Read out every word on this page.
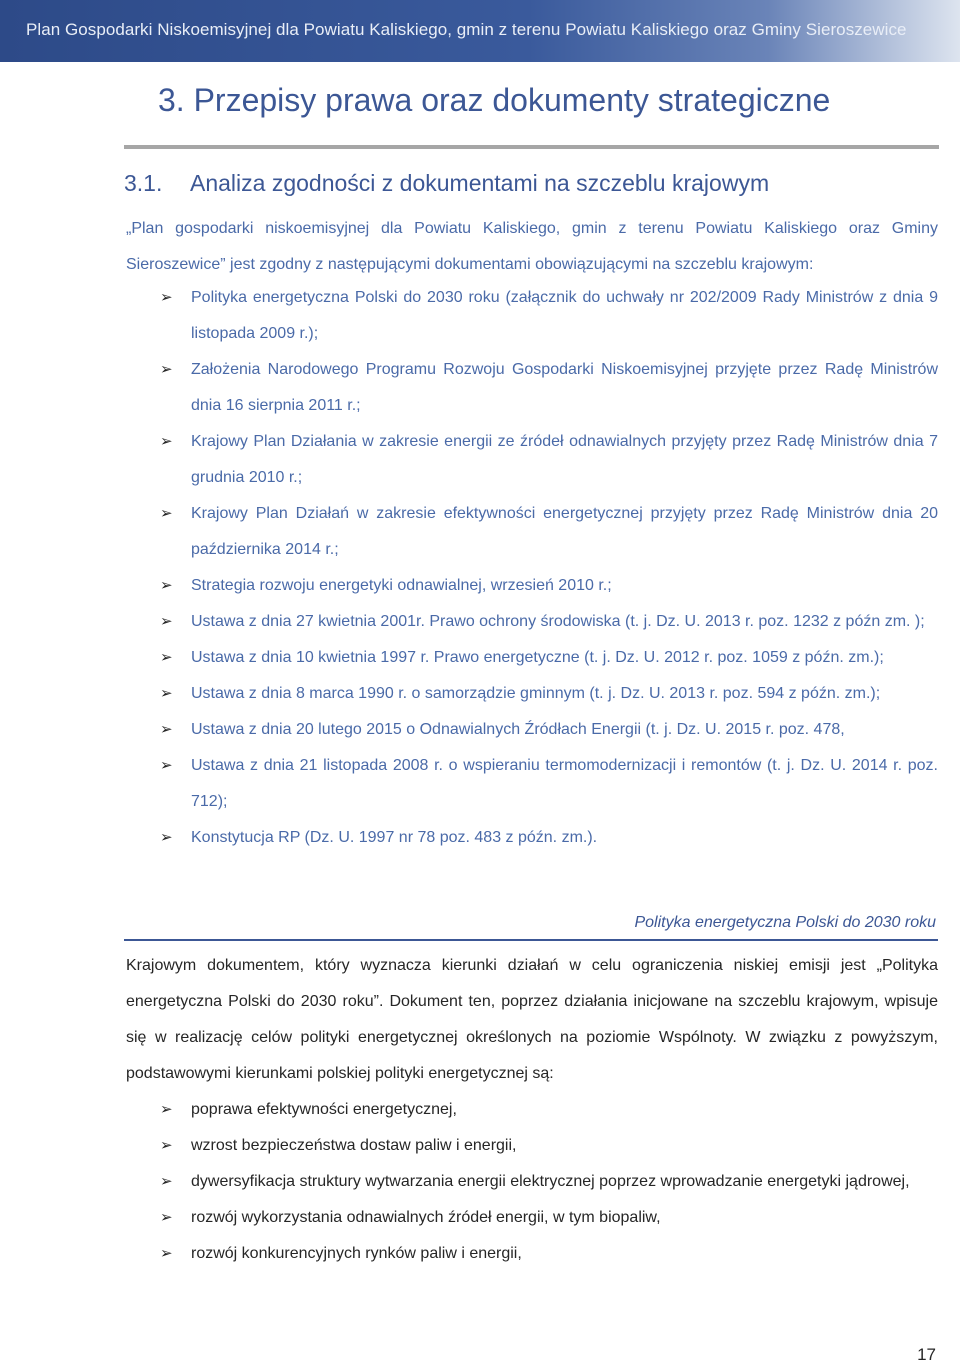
Plan Gospodarki Niskoemisyjnej dla Powiatu Kaliskiego, gmin z terenu Powiatu Kaliskiego oraz Gminy Sieroszewice
3. Przepisy prawa oraz dokumenty strategiczne
3.1. Analiza zgodności z dokumentami na szczeblu krajowym

„Plan gospodarki niskoemisyjnej dla Powiatu Kaliskiego, gmin z terenu Powiatu Kaliskiego oraz Gminy Sieroszewice” jest zgodny z następującymi dokumentami obowiązującymi na szczeblu krajowym:

➢ Polityka energetyczna Polski do 2030 roku (załącznik do uchwały nr 202/2009 Rady Ministrów z dnia 9 listopada 2009 r.);
➢ Założenia Narodowego Programu Rozwoju Gospodarki Niskoemisyjnej przyjęte przez Radę Ministrów dnia 16 sierpnia 2011 r.;
➢ Krajowy Plan Działania w zakresie energii ze źródeł odnawialnych przyjęty przez Radę Ministrów dnia 7 grudnia 2010 r.;
➢ Krajowy Plan Działań w zakresie efektywności energetycznej przyjęty przez Radę Ministrów dnia 20 października 2014 r.;
➢ Strategia rozwoju energetyki odnawialnej, wrzesień 2010 r.;
➢ Ustawa z dnia 27 kwietnia 2001r. Prawo ochrony środowiska (t. j. Dz. U. 2013 r. poz. 1232 z późn zm. );
➢ Ustawa z dnia 10 kwietnia 1997 r. Prawo energetyczne (t. j. Dz. U. 2012 r. poz. 1059 z późn. zm.);
➢ Ustawa z dnia 8 marca 1990 r. o samorządzie gminnym (t. j. Dz. U. 2013 r. poz. 594 z późn. zm.);
➢ Ustawa z dnia 20 lutego 2015 o Odnawialnych Źródłach Energii (t. j. Dz. U. 2015 r. poz. 478,
➢ Ustawa z dnia 21 listopada 2008 r. o wspieraniu termomodernizacji i remontów (t. j. Dz. U. 2014 r. poz. 712);
➢ Konstytucja RP (Dz. U. 1997 nr 78 poz. 483 z późn. zm.).
Polityka energetyczna Polski do 2030 roku

Krajowym dokumentem, który wyznacza kierunki działań w celu ograniczenia niskiej emisji jest „Polityka energetyczna Polski do 2030 roku”. Dokument ten, poprzez działania inicjowane na szczeblu krajowym, wpisuje się w realizację celów polityki energetycznej określonych na poziomie Wspólnoty. W związku z powyższym, podstawowymi kierunkami polskiej polityki energetycznej są:

➢ poprawa efektywności energetycznej,
➢ wzrost bezpieczeństwa dostaw paliw i energii,
➢ dywersyfikacja struktury wytwarzania energii elektrycznej poprzez wprowadzanie energetyki jądrowej,
➢ rozwój wykorzystania odnawialnych źródeł energii, w tym biopaliw,
➢ rozwój konkurencyjnych rynków paliw i energii,
17
